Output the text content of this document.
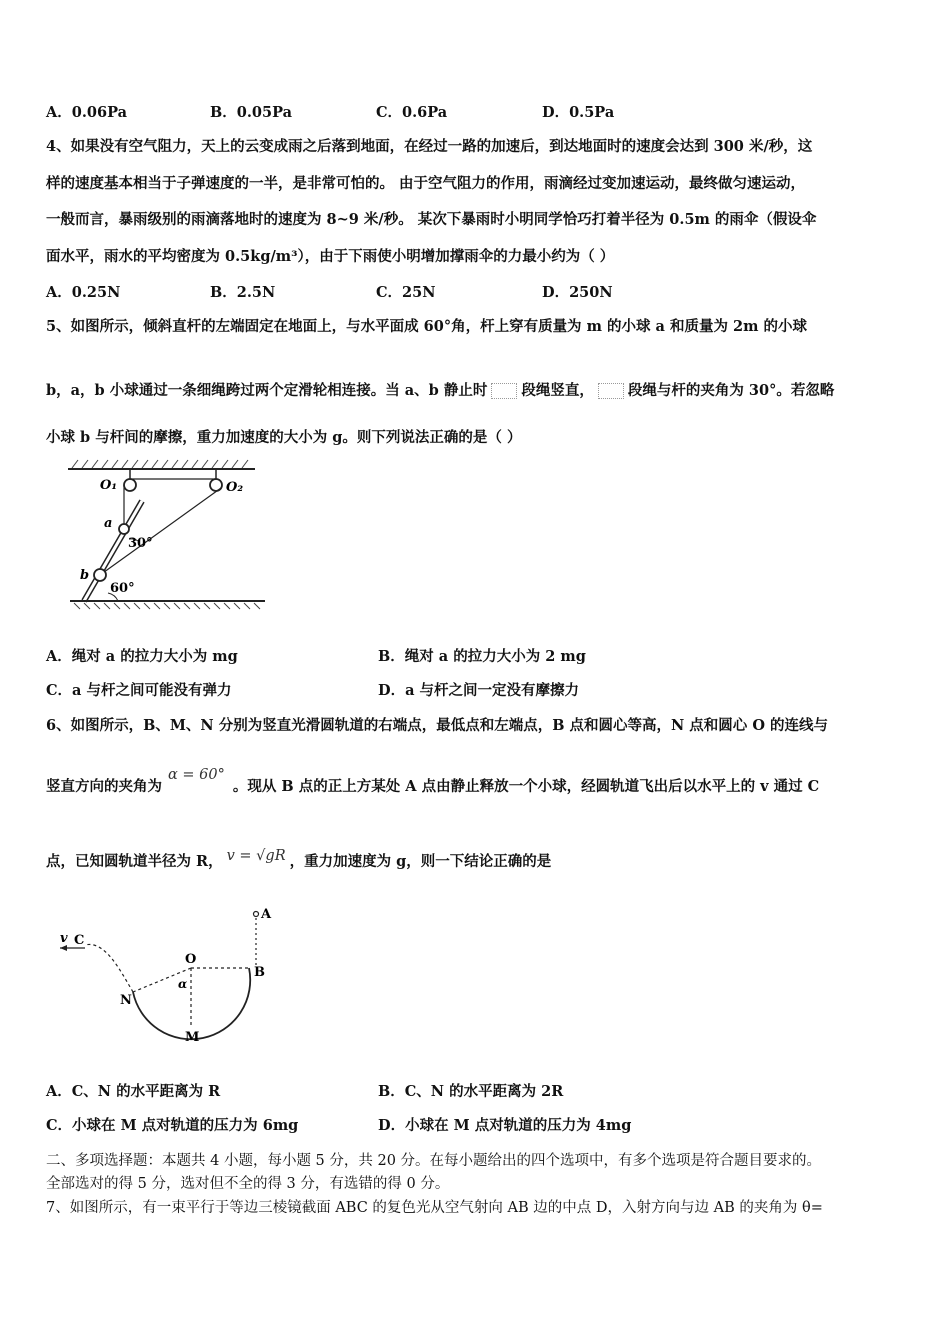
A．0.06Pa	B．0.05Pa	C．0.6Pa	D．0.5Pa
4、如果没有空气阻力，天上的云变成雨之后落到地面，在经过一路的加速后，到达地面时的速度会达到 300 米/秒，这
样的速度基本相当于子弹速度的一半，是非常可怕的。 由于空气阻力的作用，雨滴经过变加速运动，最终做匀速运动，
一般而言，暴雨级别的雨滴落地时的速度为 8~9 米/秒。 某次下暴雨时小明同学恰巧打着半径为 0.5m 的雨伞（假设伞
面水平，雨水的平均密度为 0.5kg/m³），由于下雨使小明增加撑雨伞的力最小约为（ ）
A．0.25N	B．2.5N	C．25N	D．250N
5、如图所示，倾斜直杆的左端固定在地面上，与水平面成 60°角，杆上穿有质量为 m 的小球 a 和质量为 2m 的小球
b，a，b 小球通过一条细绳跨过两个定滑轮相连接。当 a、b 静止时 段绳竖直， 段绳与杆的夹角为 30°。若忽略
小球 b 与杆间的摩擦，重力加速度的大小为 g。则下列说法正确的是（ ）
O₁	O₂
a
b
30°
60°
A．绳对 a 的拉力大小为 mg	B．绳对 a 的拉力大小为 2 mg
C．a 与杆之间可能没有弹力	D．a 与杆之间一定没有摩擦力
6、如图所示，B、M、N 分别为竖直光滑圆轨道的右端点，最低点和左端点，B 点和圆心等高，N 点和圆心 O 的连线与
竖直方向的夹角为α = 60°。现从 B 点的正上方某处 A 点由静止释放一个小球，经圆轨道飞出后以水平上的 v 通过 C
点，已知圆轨道半径为 R， v = √gR ，重力加速度为 g，则一下结论正确的是
v C
A
O
B
N
M
α
A．C、N 的水平距离为 R	B．C、N 的水平距离为 2R
C．小球在 M 点对轨道的压力为 6mg	D．小球在 M 点对轨道的压力为 4mg
二、多项选择题：本题共 4 小题，每小题 5 分，共 20 分。在每小题给出的四个选项中，有多个选项是符合题目要求的。
全部选对的得 5 分，选对但不全的得 3 分，有选错的得 0 分。
7、如图所示，有一束平行于等边三棱镜截面 ABC 的复色光从空气射向 AB 边的中点 D，入射方向与边 AB 的夹角为 θ=
